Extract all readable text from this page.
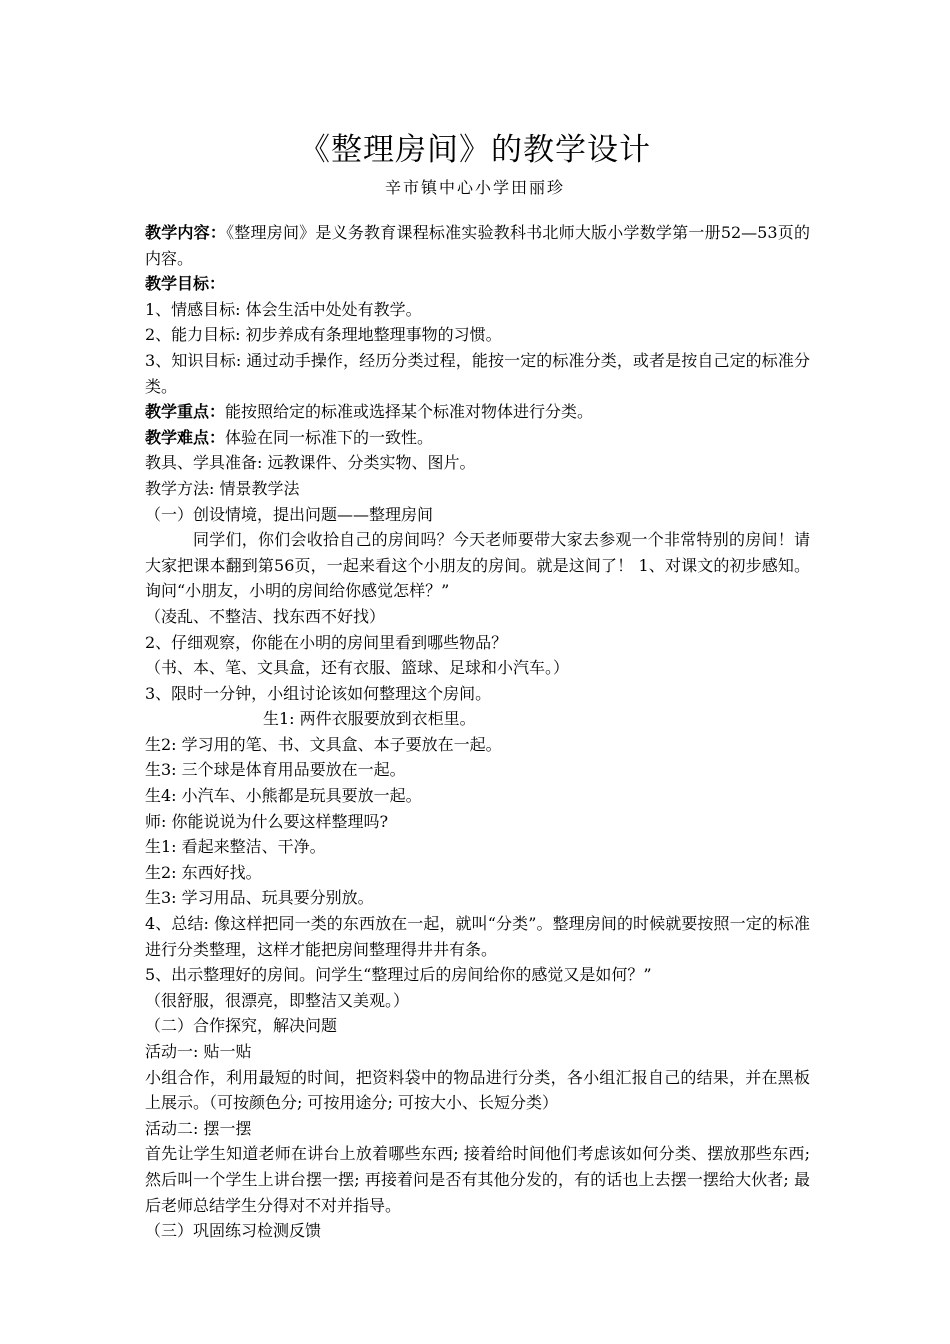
《整理房间》的教学设计
辛市镇中心小学田丽珍

教学内容：《整理房间》是义务教育课程标准实验教科书北师大版小学数学第一册52—53页的内容。

教学目标：

1、情感目标: 体会生活中处处有教学。

2、能力目标: 初步养成有条理地整理事物的习惯。

3、知识目标: 通过动手操作，经历分类过程，能按一定的标准分类，或者是按自己定的标准分类。

教学重点：能按照给定的标准或选择某个标准对物体进行分类。

教学难点：体验在同一标准下的一致性。

教具、学具准备: 远教课件、分类实物、图片。

教学方法: 情景教学法

（一）创设情境，提出问题——整理房间

同学们，你们会收拾自己的房间吗？今天老师要带大家去参观一个非常特别的房间！请大家把课本翻到第56页，一起来看这个小朋友的房间。就是这间了！ 1、对课文的初步感知。询问“小朋友，小明的房间给你感觉怎样？”

（凌乱、不整洁、找东西不好找）

2、仔细观察，你能在小明的房间里看到哪些物品？

（书、本、笔、文具盒，还有衣服、篮球、足球和小汽车。）

3、限时一分钟，小组讨论该如何整理这个房间。

生1: 两件衣服要放到衣柜里。

生2: 学习用的笔、书、文具盒、本子要放在一起。

生3: 三个球是体育用品要放在一起。

生4: 小汽车、小熊都是玩具要放一起。

师: 你能说说为什么要这样整理吗?

生1: 看起来整洁、干净。

生2: 东西好找。

生3: 学习用品、玩具要分别放。

4、总结: 像这样把同一类的东西放在一起，就叫“分类”。整理房间的时候就要按照一定的标准进行分类整理，这样才能把房间整理得井井有条。

5、出示整理好的房间。问学生“整理过后的房间给你的感觉又是如何？”

（很舒服，很漂亮，即整洁又美观。）

（二）合作探究，解决问题

活动一: 贴一贴

小组合作，利用最短的时间，把资料袋中的物品进行分类，各小组汇报自己的结果，并在黑板上展示。（可按颜色分; 可按用途分; 可按大小、长短分类）

活动二: 摆一摆

首先让学生知道老师在讲台上放着哪些东西; 接着给时间他们考虑该如何分类、摆放那些东西; 然后叫一个学生上讲台摆一摆; 再接着问是否有其他分发的，有的话也上去摆一摆给大伙者; 最后老师总结学生分得对不对并指导。

（三）巩固练习检测反馈
